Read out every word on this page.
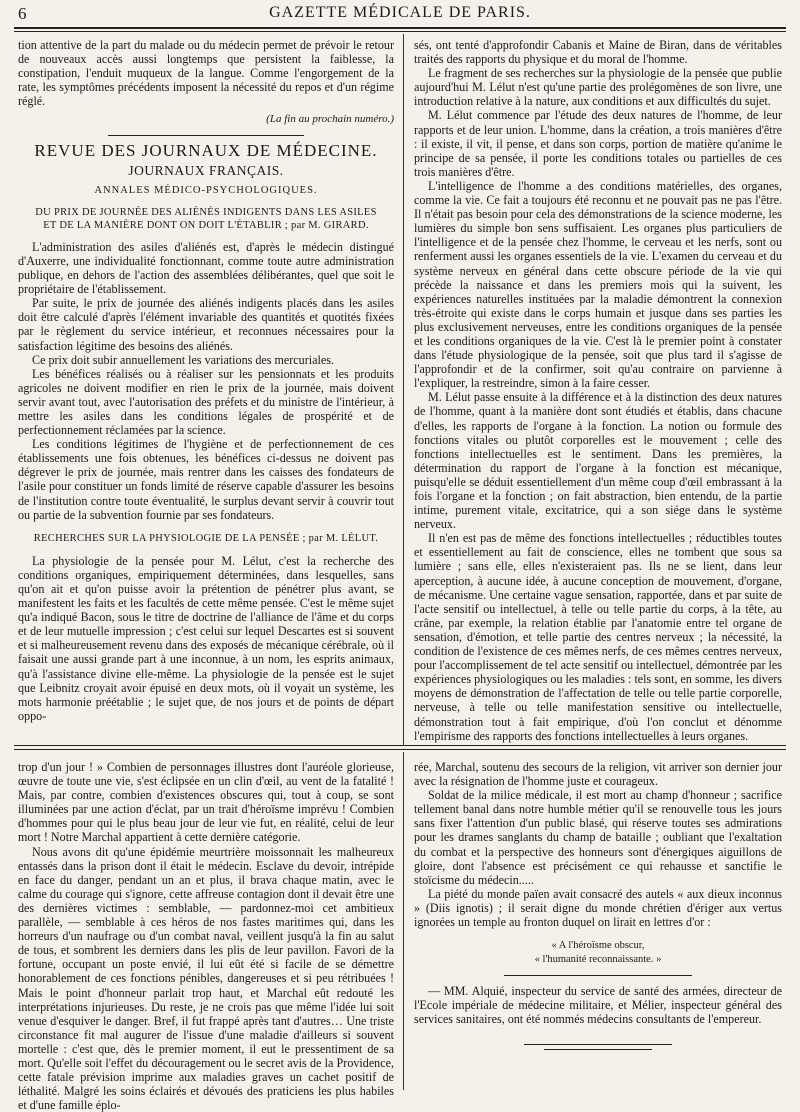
6	GAZETTE MÉDICALE DE PARIS.

tion attentive de la part du malade ou du médecin permet de prévoir le retour de nouveaux accès aussi longtemps que persistent la faiblesse, la constipation, l'enduit muqueux de la langue. Comme l'engorgement de la rate, les symptômes précédents imposent la nécessité du repos et d'un régime réglé.

(La fin au prochain numéro.)
REVUE DES JOURNAUX DE MÉDECINE.
JOURNAUX FRANÇAIS.
ANNALES MÉDICO-PSYCHOLOGIQUES.
DU PRIX DE JOURNÉE DES ALIÉNÉS INDIGENTS DANS LES ASILES ET DE LA MANIÈRE DONT ON DOIT L'ÉTABLIR ; par M. GIRARD.

L'administration des asiles d'aliénés est, d'après le médecin distingué d'Auxerre, une individualité fonctionnant, comme toute autre administration publique, en dehors de l'action des assemblées délibérantes, quel que soit le propriétaire de l'établissement.

Par suite, le prix de journée des aliénés indigents placés dans les asiles doit être calculé d'après l'élément invariable des quantités et quotités fixées par le règlement du service intérieur, et reconnues nécessaires pour la satisfaction légitime des besoins des aliénés.

Ce prix doit subir annuellement les variations des mercuriales.

Les bénéfices réalisés ou à réaliser sur les pensionnats et les produits agricoles ne doivent modifier en rien le prix de la journée, mais doivent servir avant tout, avec l'autorisation des préfets et du ministre de l'intérieur, à mettre les asiles dans les conditions légales de prospérité et de perfectionnement réclamées par la science.

Les conditions légitimes de l'hygiène et de perfectionnement de ces établissements une fois obtenues, les bénéfices ci-dessus ne doivent pas dégrever le prix de journée, mais rentrer dans les caisses des fondateurs de l'asile pour constituer un fonds limité de réserve capable d'assurer les besoins de l'institution contre toute éventualité, le surplus devant servir à couvrir tout ou partie de la subvention fournie par ses fondateurs.

RECHERCHES SUR LA PHYSIOLOGIE DE LA PENSÉE ; par M. LÉLUT.

La physiologie de la pensée pour M. Lélut, c'est la recherche des conditions organiques, empiriquement déterminées, dans lesquelles, sans qu'on ait et qu'on puisse avoir la prétention de pénétrer plus avant, se manifestent les faits et les facultés de cette même pensée. C'est le même sujet qu'a indiqué Bacon, sous le titre de doctrine de l'alliance de l'âme et du corps et de leur mutuelle impression ; c'est celui sur lequel Descartes est si souvent et si malheureusement revenu dans des exposés de mécanique cérébrale, où il faisait une aussi grande part à une inconnue, à un nom, les esprits animaux, qu'à l'assistance divine elle-même. La physiologie de la pensée est le sujet que Leibnitz croyait avoir épuisé en deux mots, où il voyait un système, les mots harmonie préétablie ; le sujet que, de nos jours et de points de départ oppo-

sés, ont tenté d'approfondir Cabanis et Maine de Biran, dans de véritables traités des rapports du physique et du moral de l'homme.

Le fragment de ses recherches sur la physiologie de la pensée que publie aujourd'hui M. Lélut n'est qu'une partie des prolégomènes de son livre, une introduction relative à la nature, aux conditions et aux difficultés du sujet.

M. Lélut commence par l'étude des deux natures de l'homme, de leur rapports et de leur union. L'homme, dans la création, a trois manières d'être : il existe, il vit, il pense, et dans son corps, portion de matière qu'anime le principe de sa pensée, il porte les conditions totales ou partielles de ces trois manières d'être.

L'intelligence de l'homme a des conditions matérielles, des organes, comme la vie. Ce fait a toujours été reconnu et ne pouvait pas ne pas l'être. Il n'était pas besoin pour cela des démonstrations de la science moderne, les lumières du simple bon sens suffisaient. Les organes plus particuliers de l'intelligence et de la pensée chez l'homme, le cerveau et les nerfs, sont ou renferment aussi les organes essentiels de la vie. L'examen du cerveau et du système nerveux en général dans cette obscure période de la vie qui précède la naissance et dans les premiers mois qui la suivent, les expériences naturelles instituées par la maladie démontrent la connexion très-étroite qui existe dans le corps humain et jusque dans ses parties les plus exclusivement nerveuses, entre les conditions organiques de la pensée et les conditions organiques de la vie. C'est là le premier point à constater dans l'étude physiologique de la pensée, soit que plus tard il s'agisse de l'approfondir et de la confirmer, soit qu'au contraire on parvienne à l'expliquer, la restreindre, simon à la faire cesser.

M. Lélut passe ensuite à la différence et à la distinction des deux natures de l'homme, quant à la manière dont sont étudiés et établis, dans chacune d'elles, les rapports de l'organe à la fonction. La notion ou formule des fonctions vitales ou plutôt corporelles est le mouvement ; celle des fonctions intellectuelles est le sentiment. Dans les premières, la détermination du rapport de l'organe à la fonction est mécanique, puisqu'elle se déduit essentiellement d'un même coup d'œil embrassant à la fois l'organe et la fonction ; on fait abstraction, bien entendu, de la partie intime, purement vitale, excitatrice, qui a son siége dans le système nerveux.

Il n'en est pas de même des fonctions intellectuelles ; réductibles toutes et essentiellement au fait de conscience, elles ne tombent que sous sa lumière ; sans elle, elles n'existeraient pas. Ils ne se lient, dans leur aperception, à aucune idée, à aucune conception de mouvement, d'organe, de mécanisme. Une certaine vague sensation, rapportée, dans et par suite de l'acte sensitif ou intellectuel, à telle ou telle partie du corps, à la tête, au crâne, par exemple, la relation établie par l'anatomie entre tel organe de sensation, d'émotion, et telle partie des centres nerveux ; la nécessité, la condition de l'existence de ces mêmes nerfs, de ces mêmes centres nerveux, pour l'accomplissement de tel acte sensitif ou intellectuel, démontrée par les expériences physiologiques ou les maladies : tels sont, en somme, les divers moyens de démonstration de l'affectation de telle ou telle partie corporelle, nerveuse, à telle ou telle manifestation sensitive ou intellectuelle, démonstration tout à fait empirique, d'où l'on conclut et dénomme l'empirisme des rapports des fonctions intellectuelles à leurs organes.

trop d'un jour ! » Combien de personnages illustres dont l'auréole glorieuse, œuvre de toute une vie, s'est éclipsée en un clin d'œil, au vent de la fatalité ! Mais, par contre, combien d'existences obscures qui, tout à coup, se sont illuminées par une action d'éclat, par un trait d'héroïsme imprévu ! Combien d'hommes pour qui le plus beau jour de leur vie fut, en réalité, celui de leur mort ! Notre Marchal appartient à cette dernière catégorie.

Nous avons dit qu'une épidémie meurtrière moissonnait les malheureux entassés dans la prison dont il était le médecin. Esclave du devoir, intrépide en face du danger, pendant un an et plus, il brava chaque matin, avec le calme du courage qui s'ignore, cette affreuse contagion dont il devait être une des dernières victimes : semblable, — pardonnez-moi cet ambitieux parallèle, — semblable à ces héros de nos fastes maritimes qui, dans les horreurs d'un naufrage ou d'un combat naval, veillent jusqu'à la fin au salut de tous, et sombrent les derniers dans les plis de leur pavillon. Favori de la fortune, occupant un poste envié, il lui eût été si facile de se démettre honorablement de ces fonctions pénibles, dangereuses et si peu rétribuées ! Mais le point d'honneur parlait trop haut, et Marchal eût redouté les interprétations injurieuses. Du reste, je ne crois pas que même l'idée lui soit venue d'esquiver le danger. Bref, il fut frappé après tant d'autres… Une triste circonstance fit mal augurer de l'issue d'une maladie d'ailleurs si souvent mortelle : c'est que, dès le premier moment, il eut le pressentiment de sa mort. Qu'elle soit l'effet du découragement ou le secret avis de la Providence, cette fatale prévision imprime aux maladies graves un cachet positif de léthalité. Malgré les soins éclairés et dévoués des praticiens les plus habiles et d'une famille éplo-

rée, Marchal, soutenu des secours de la religion, vit arriver son dernier jour avec la résignation de l'homme juste et courageux.

Soldat de la milice médicale, il est mort au champ d'honneur ; sacrifice tellement banal dans notre humble métier qu'il se renouvelle tous les jours sans fixer l'attention d'un public blasé, qui réserve toutes ses admirations pour les drames sanglants du champ de bataille ; oubliant que l'exaltation du combat et la perspective des honneurs sont d'énergiques aiguillons de gloire, dont l'absence est précisément ce qui rehausse et sanctifie le stoïcisme du médecin.....

La piété du monde païen avait consacré des autels « aux dieux inconnus » (Diis ignotis) ; il serait digne du monde chrétien d'ériger aux vertus ignorées un temple au fronton duquel on lirait en lettres d'or :

« A l'héroïsme obscur,
« l'humanité reconnaissante. »

— MM. Alquié, inspecteur du service de santé des armées, directeur de l'Ecole impériale de médecine militaire, et Mélier, inspecteur général des services sanitaires, ont été nommés médecins consultants de l'empereur.
